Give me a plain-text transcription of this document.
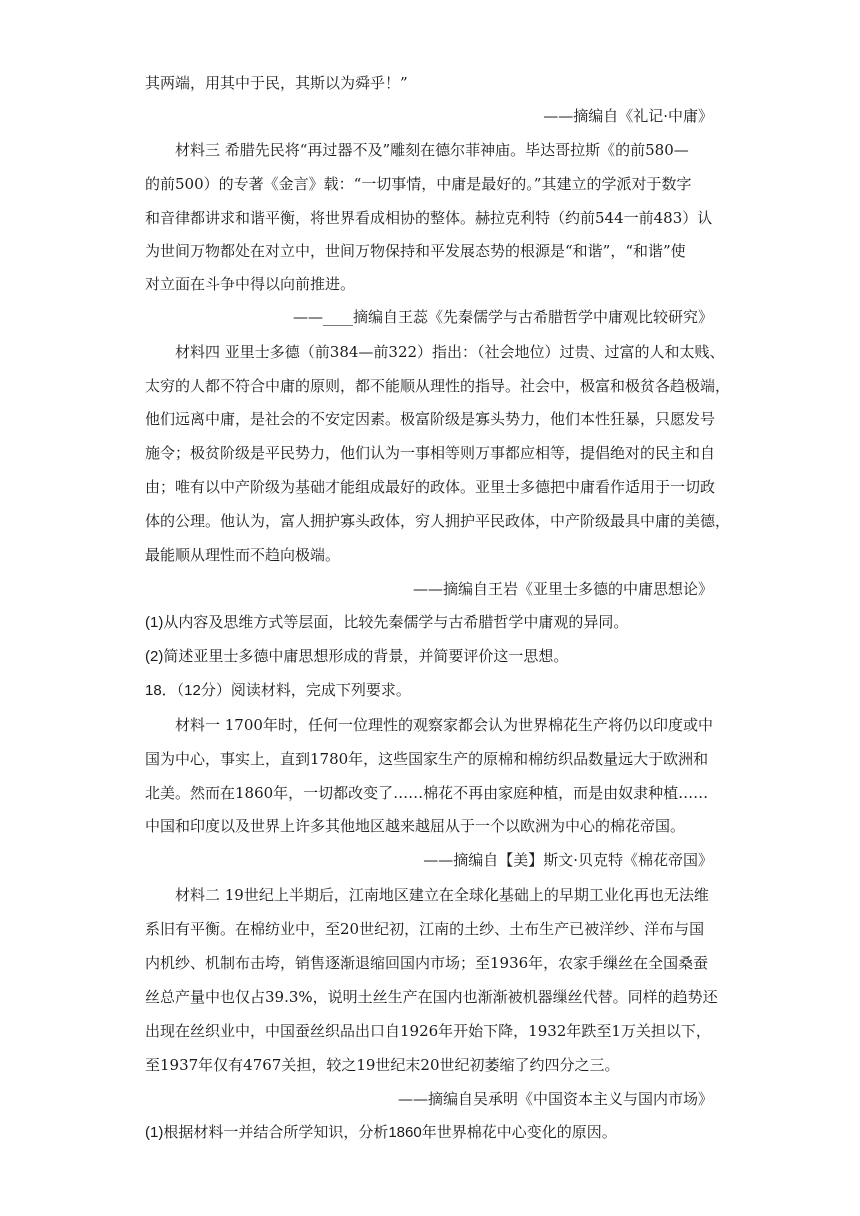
其两端，用其中于民，其斯以为舜乎！”
——摘编自《礼记·中庸》
材料三 希腊先民将“再过器不及”雕刻在德尔菲神庙。毕达哥拉斯《的前580—
的前500）的专著《金言》载：“一切事情，中庸是最好的。”其建立的学派对于数字
和音律都讲求和谐平衡，将世界看成相协的整体。赫拉克利特（约前544一前483）认
为世间万物都处在对立中，世间万物保持和平发展态势的根源是“和谐”，“和谐”使
对立面在斗争中得以向前推进。
——____摘编自王蕊《先秦儒学与古希腊哲学中庸观比较研究》
材料四 亚里士多德（前384—前322）指出：（社会地位）过贵、过富的人和太贱、
太穷的人都不符合中庸的原则，都不能顺从理性的指导。社会中，极富和极贫各趋极端，
他们远离中庸，是社会的不安定因素。极富阶级是寡头势力，他们本性狂暴，只愿发号
施令；极贫阶级是平民势力，他们认为一事相等则万事都应相等，提倡绝对的民主和自
由；唯有以中产阶级为基础才能组成最好的政体。亚里士多德把中庸看作适用于一切政
体的公理。他认为，富人拥护寡头政体，穷人拥护平民政体，中产阶级最具中庸的美德，
最能顺从理性而不趋向极端。
——摘编自王岩《亚里士多德的中庸思想论》
(1)从内容及思维方式等层面，比较先秦儒学与古希腊哲学中庸观的异同。
(2)简述亚里士多德中庸思想形成的背景，并简要评价这一思想。
18．（12分）阅读材料，完成下列要求。
材料一 1700年时，任何一位理性的观察家都会认为世界棉花生产将仍以印度或中
国为中心，事实上，直到1780年，这些国家生产的原棉和棉纺织品数量远大于欧洲和
北美。然而在1860年，一切都改变了……棉花不再由家庭种植，而是由奴隶种植……
中国和印度以及世界上许多其他地区越来越屈从于一个以欧洲为中心的棉花帝国。
——摘编自【美】斯文·贝克特《棉花帝国》
材料二 19世纪上半期后，江南地区建立在全球化基础上的早期工业化再也无法维
系旧有平衡。在棉纺业中，至20世纪初，江南的土纱、土布生产已被洋纱、洋布与国
内机纱、机制布击垮，销售逐渐退缩回国内市场；至1936年，农家手缫丝在全国桑蚕
丝总产量中也仅占39.3%，说明土丝生产在国内也渐渐被机器缫丝代替。同样的趋势还
出现在丝织业中，中国蚕丝织品出口自1926年开始下降，1932年跌至1万关担以下，
至1937年仅有4767关担，较之19世纪末20世纪初萎缩了约四分之三。
——摘编自吴承明《中国资本主义与国内市场》
(1)根据材料一并结合所学知识，分析1860年世界棉花中心变化的原因。
